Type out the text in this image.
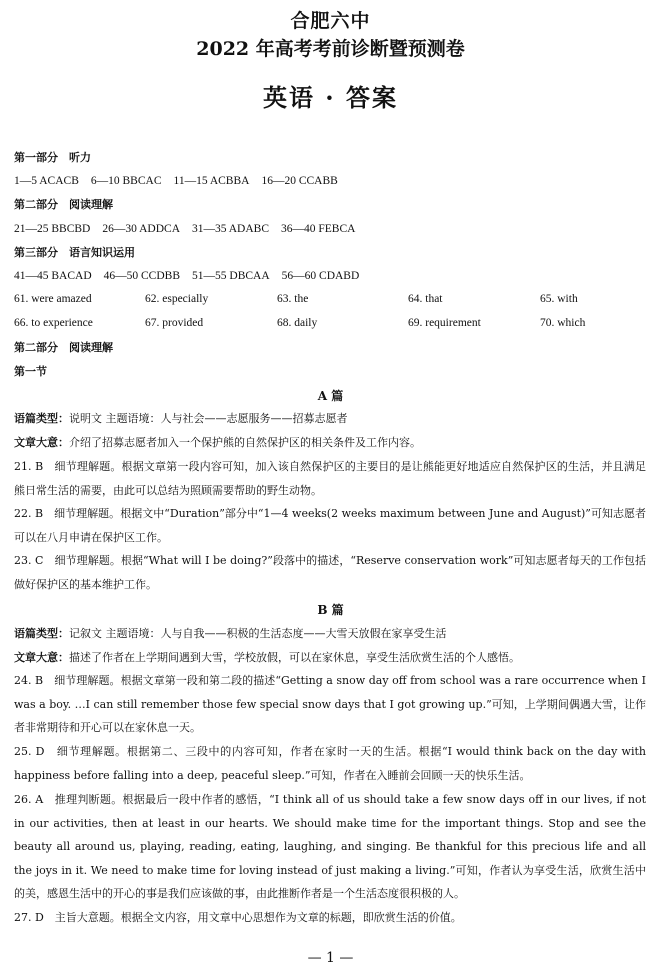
合肥六中
2022 年高考考前诊断暨预测卷
英语 · 答案
第一部分　听力
1—5 ACACB 6—10 BBCAC 11—15 ACBBA 16—20 CCABB
第二部分　阅读理解
21—25 BBCBD 26—30 ADDCA 31—35 ADABC 36—40 FEBCA
第三部分　语言知识运用
41—45 BACAD 46—50 CCDBB 51—55 DBCAA 56—60 CDABD
61. were amazed	62. especially	63. the	64. that	65. with
66. to experience	67. provided	68. daily	69. requirement	70. which
第二部分　阅读理解
第一节
A 篇
语篇类型：说明文 主题语境：人与社会——志愿服务——招募志愿者
文章大意：介绍了招募志愿者加入一个保护熊的自然保护区的相关条件及工作内容。
21. B　细节理解题。根据文章第一段内容可知，加入该自然保护区的主要目的是让熊能更好地适应自然保护区的生活，并且满足熊日常生活的需要，由此可以总结为照顾需要帮助的野生动物。
22. B　细节理解题。根据文中“Duration”部分中“1—4 weeks(2 weeks maximum between June and August)”可知志愿者可以在八月申请在保护区工作。
23. C　细节理解题。根据“What will I be doing?”段落中的描述，“Reserve conservation work”可知志愿者每天的工作包括做好保护区的基本维护工作。
B 篇
语篇类型：记叙文 主题语境：人与自我——积极的生活态度——大雪天放假在家享受生活
文章大意：描述了作者在上学期间遇到大雪，学校放假，可以在家休息，享受生活欣赏生活的个人感悟。
24. B　细节理解题。根据文章第一段和第二段的描述“Getting a snow day off from school was a rare occurrence when I was a boy. …I can still remember those few special snow days that I got growing up.”可知，上学期间偶遇大雪，让作者非常期待和开心可以在家休息一天。
25. D　细节理解题。根据第二、三段中的内容可知，作者在家时一天的生活。根据“I would think back on the day with happiness before falling into a deep, peaceful sleep.”可知，作者在入睡前会回顾一天的快乐生活。
26. A　推理判断题。根据最后一段中作者的感悟，“I think all of us should take a few snow days off in our lives, if not in our activities, then at least in our hearts. We should make time for the important things. Stop and see the beauty all around us, playing, reading, eating, laughing, and singing. Be thankful for this precious life and all the joys in it. We need to make time for loving instead of just making a living.”可知，作者认为享受生活，欣赏生活中的美，感恩生活中的开心的事是我们应该做的事，由此推断作者是一个生活态度很积极的人。
27. D　主旨大意题。根据全文内容，用文章中心思想作为文章的标题，即欣赏生活的价值。
— 1 —
